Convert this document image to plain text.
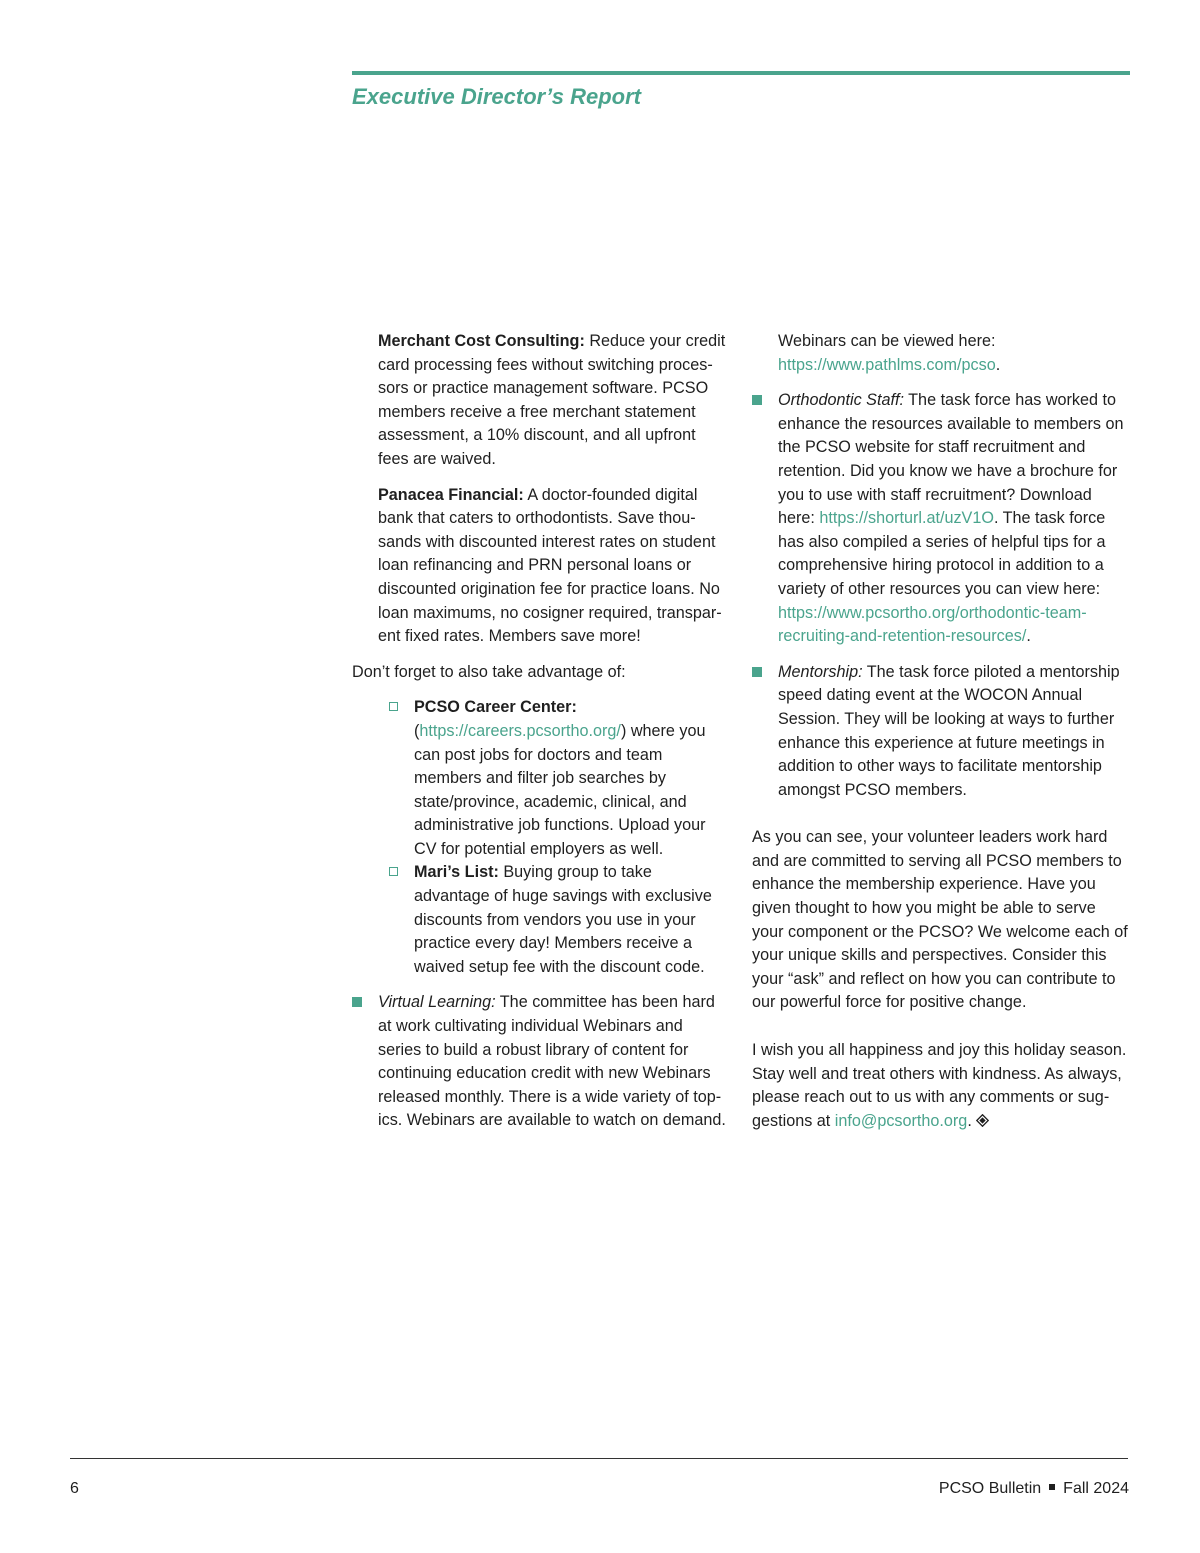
Executive Director’s Report

Merchant Cost Consulting: Reduce your credit card processing fees without switching processors or practice management software. PCSO members receive a free merchant statement assessment, a 10% discount, and all upfront fees are waived.

Panacea Financial: A doctor-founded digital bank that caters to orthodontists. Save thousands with discounted interest rates on student loan refinancing and PRN personal loans or discounted origination fee for practice loans. No loan maximums, no cosigner required, transparent fixed rates. Members save more!

Don’t forget to also take advantage of:

PCSO Career Center: (https://careers.pcsortho.org/) where you can post jobs for doctors and team members and filter job searches by state/province, academic, clinical, and administrative job functions. Upload your CV for potential employers as well.
Mari’s List: Buying group to take advantage of huge savings with exclusive discounts from vendors you use in your practice every day! Members receive a waived setup fee with the discount code.
Virtual Learning: The committee has been hard at work cultivating individual Webinars and series to build a robust library of content for continuing education credit with new Webinars released monthly. There is a wide variety of topics. Webinars are available to watch on demand.

Webinars can be viewed here: https://www.pathlms.com/pcso.

Orthodontic Staff: The task force has worked to enhance the resources available to members on the PCSO website for staff recruitment and retention. Did you know we have a brochure for you to use with staff recruitment? Download here: https://shorturl.at/uzV1O. The task force has also compiled a series of helpful tips for a comprehensive hiring protocol in addition to a variety of other resources you can view here: https://www.pcsortho.org/orthodontic-team-recruiting-and-retention-resources/.
Mentorship: The task force piloted a mentorship speed dating event at the WOCON Annual Session. They will be looking at ways to further enhance this experience at future meetings in addition to other ways to facilitate mentorship amongst PCSO members.

As you can see, your volunteer leaders work hard and are committed to serving all PCSO members to enhance the membership experience. Have you given thought to how you might be able to serve your component or the PCSO? We welcome each of your unique skills and perspectives. Consider this your “ask” and reflect on how you can contribute to our powerful force for positive change.

I wish you all happiness and joy this holiday season. Stay well and treat others with kindness. As always, please reach out to us with any comments or suggestions at info@pcsortho.org.

6	PCSO Bulletin Fall 2024
